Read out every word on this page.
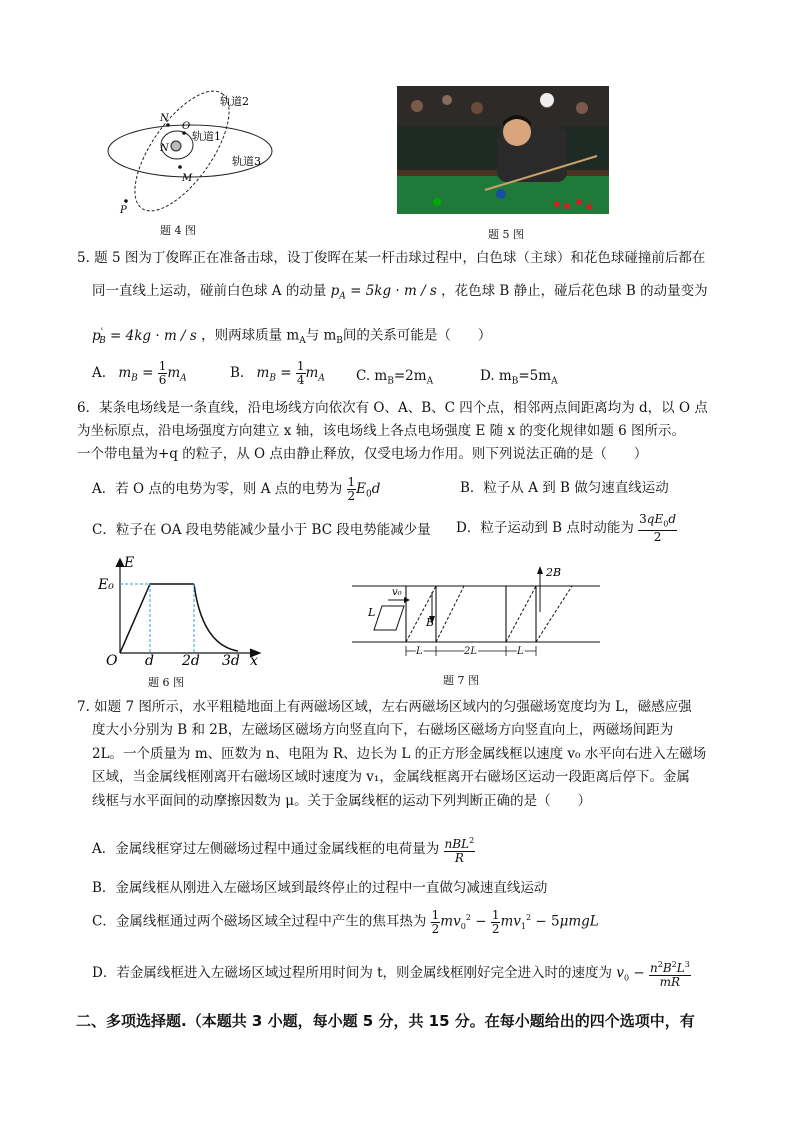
轨道2
轨道1
轨道3
N
O
N
M
P
题 4 图	题 5 图
5. 题 5 图为丁俊晖正在准备击球，设丁俊晖在某一杆击球过程中，白色球（主球）和花色球碰撞前后都在
同一直线上运动，碰前白色球 A 的动量 $p_A = 5kg \cdot m / s$ ，花色球 B 静止，碰后花色球 B 的动量变为
$p'_B = 4kg \cdot m / s$ ，则两球质量 $m_A$与 $m_B$间的关系可能是（　　）
A. $m_B = \frac{1}{6} m_A$	B. $m_B = \frac{1}{4} m_A$ C. $m_B=2m_A$	D. $m_B=5m_A$
6．某条电场线是一条直线，沿电场线方向依次有 O、A、B、C 四个点，相邻两点间距离均为 d，以 O 点
为坐标原点，沿电场强度方向建立 x 轴，该电场线上各点电场强度 E 随 x 的变化规律如题 6 图所示。
一个带电量为+q 的粒子，从 O 点由静止释放，仅受电场力作用。则下列说法正确的是（　　）
A．若 O 点的电势为零，则 A 点的电势为 $\frac{1}{2} E_0d$	B．粒子从 A 到 B 做匀速直线运动
C．粒子在 OA 段电势能减少量小于 BC 段电势能减少量 D．粒子运动到 B 点时动能为 $\frac{3qE_0d}{2}$
E
E₀
O d 2d 3d x
题 6 图
v₀
L
B
2B
L	2L	L
题 7 图
7. 如题 7 图所示，水平粗糙地面上有两磁场区域，左右两磁场区域内的匀强磁场宽度均为 L，磁感应强
度大小分别为 B 和 2B，左磁场区磁场方向竖直向下，右磁场区磁场方向竖直向上，两磁场间距为
2L。一个质量为 m、匝数为 n、电阻为 R、边长为 L 的正方形金属线框以速度 v₀ 水平向右进入左磁场
区域，当金属线框刚离开右磁场区域时速度为 v₁，金属线框离开右磁场区运动一段距离后停下。金属
线框与水平面间的动摩擦因数为 μ。关于金属线框的运动下列判断正确的是（　　）
A．金属线框穿过左侧磁场过程中通过金属线框的电荷量为 $\frac{nBL^2}{R}$
B．金属线框从刚进入左磁场区域到最终停止的过程中一直做匀减速直线运动
C．金属线框通过两个磁场区域全过程中产生的焦耳热为 $\frac{1}{2} mv_0^2 - \frac{1}{2} mv_1^2 - 5\mu mgL$
D．若金属线框进入左磁场区域过程所用时间为 t，则金属线框刚好完全进入时的速度为 $v_0 - \frac{n^2B^2L^3}{mR}$
二、多项选择题.（本题共 3 小题，每小题 5 分，共 15 分。在每小题给出的四个选项中，有
